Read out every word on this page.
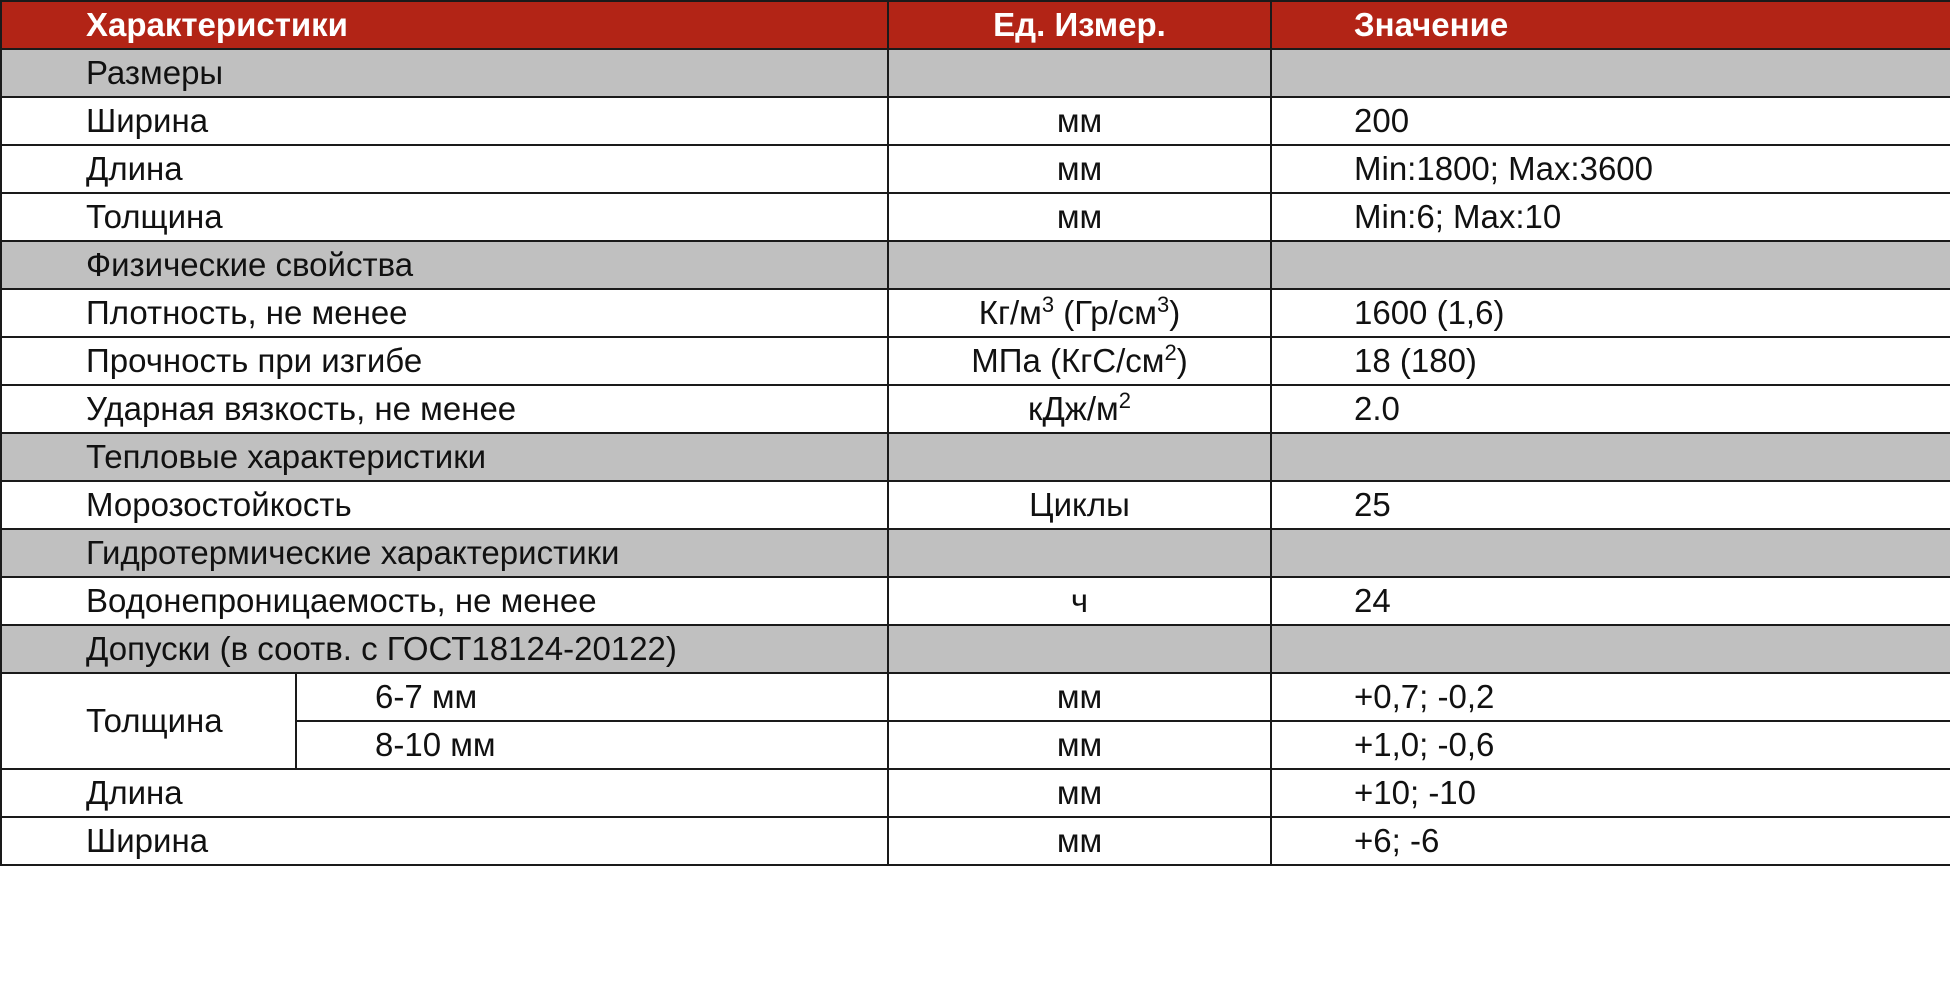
Характеристики		Ед. Измер.	Значение
Размеры			
Ширина		мм	200
Длина		мм	Min:1800; Max:3600
Толщина		мм	Min:6; Max:10
Физические свойства			
Плотность, не менее		$Кг/м^3$ $(Гр/см^3)$	1600 (1,6)
Прочность при изгибе		МПа $(КгС/см^2)$	18 (180)
Ударная вязкость, не менее		кДж/$м^2$	2.0
Тепловые характеристики			
Морозостойкость		Циклы	25
Гидротермические характеристики			
Водонепроницаемость, не менее		ч	24
Допуски (в соотв. с ГОСТ18124-20122)			
Толщина	6-7 мм	мм	+0,7; -0,2
	8-10 мм	мм	+1,0; -0,6
Длина		мм	+10; -10
Ширина		мм	+6; -6
